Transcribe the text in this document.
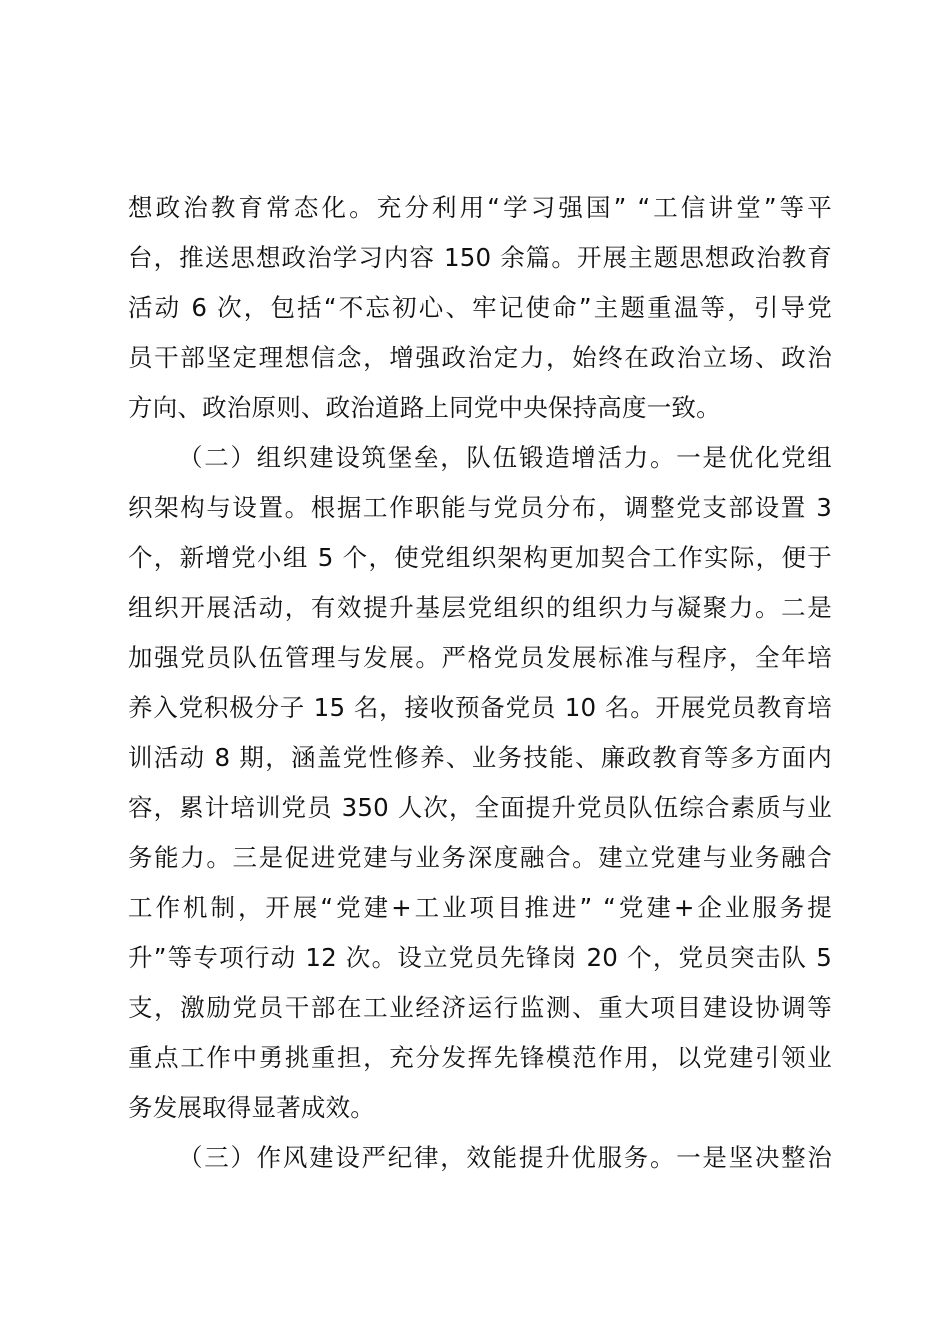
想政治教育常态化。充分利用“学习强国” “工信讲堂”等平
台，推送思想政治学习内容 150 余篇。开展主题思想政治教育
活动 6 次，包括“不忘初心、牢记使命”主题重温等，引导党
员干部坚定理想信念，增强政治定力，始终在政治立场、政治
方向、政治原则、政治道路上同党中央保持高度一致。
（二）组织建设筑堡垒，队伍锻造增活力。一是优化党组
织架构与设置。根据工作职能与党员分布，调整党支部设置 3
个，新增党小组 5 个，使党组织架构更加契合工作实际，便于
组织开展活动，有效提升基层党组织的组织力与凝聚力。二是
加强党员队伍管理与发展。严格党员发展标准与程序，全年培
养入党积极分子 15 名，接收预备党员 10 名。开展党员教育培
训活动 8 期，涵盖党性修养、业务技能、廉政教育等多方面内
容，累计培训党员 350 人次，全面提升党员队伍综合素质与业
务能力。三是促进党建与业务深度融合。建立党建与业务融合
工作机制，开展“党建+工业项目推进” “党建+企业服务提
升”等专项行动 12 次。设立党员先锋岗 20 个，党员突击队 5
支，激励党员干部在工业经济运行监测、重大项目建设协调等
重点工作中勇挑重担，充分发挥先锋模范作用，以党建引领业
务发展取得显著成效。
（三）作风建设严纪律，效能提升优服务。一是坚决整治
